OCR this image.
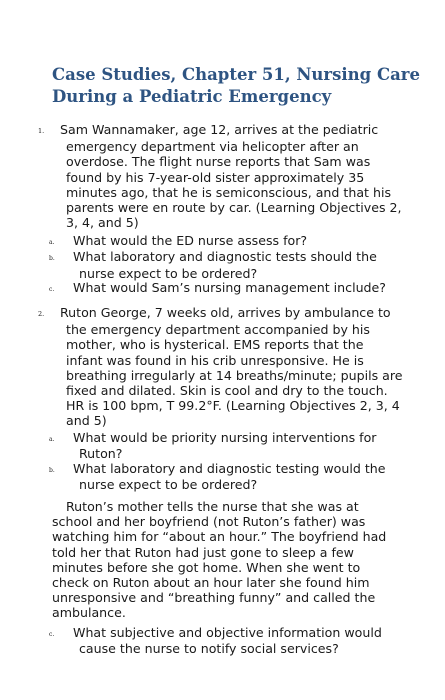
Case Studies, Chapter 51, Nursing Care During a Pediatric Emergency
1. Sam Wannamaker, age 12, arrives at the pediatric emergency department via helicopter after an overdose. The flight nurse reports that Sam was found by his 7-year-old sister approximately 35 minutes ago, that he is semiconscious, and that his parents were en route by car. (Learning Objectives 2, 3, 4, and 5)
a. What would the ED nurse assess for?
b. What laboratory and diagnostic tests should the nurse expect to be ordered?
c. What would Sam’s nursing management include?
2. Ruton George, 7 weeks old, arrives by ambulance to the emergency department accompanied by his mother, who is hysterical. EMS reports that the infant was found in his crib unresponsive. He is breathing irregularly at 14 breaths/minute; pupils are fixed and dilated. Skin is cool and dry to the touch. HR is 100 bpm, T 99.2°F. (Learning Objectives 2, 3, 4 and 5)
a. What would be priority nursing interventions for Ruton?
b. What laboratory and diagnostic testing would the nurse expect to be ordered?
Ruton’s mother tells the nurse that she was at school and her boyfriend (not Ruton’s father) was watching him for “about an hour.” The boyfriend had told her that Ruton had just gone to sleep a few minutes before she got home. When she went to check on Ruton about an hour later she found him unresponsive and “breathing funny” and called the ambulance.
c. What subjective and objective information would cause the nurse to notify social services?
